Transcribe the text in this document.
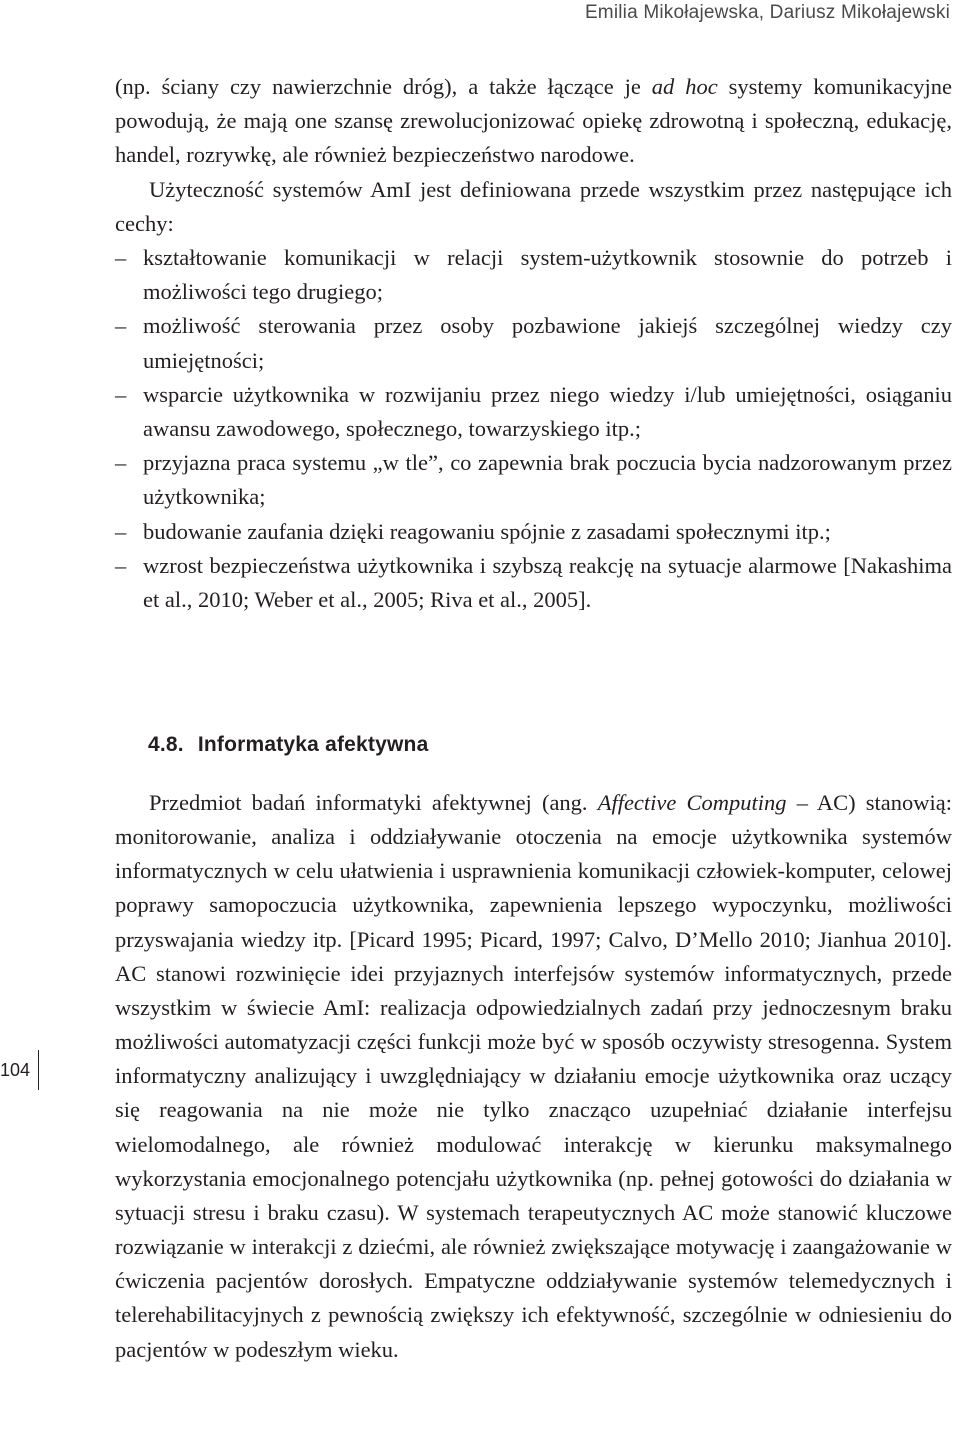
Emilia Mikołajewska, Dariusz Mikołajewski

(np. ściany czy nawierzchnie dróg), a także łączące je ad hoc systemy komunikacyjne powodują, że mają one szansę zrewolucjonizować opiekę zdrowotną i społeczną, edukację, handel, rozrywkę, ale również bezpieczeństwo narodowe.

Użyteczność systemów AmI jest definiowana przede wszystkim przez następujące ich cechy:

– kształtowanie komunikacji w relacji system-użytkownik stosownie do potrzeb i możliwości tego drugiego;
– możliwość sterowania przez osoby pozbawione jakiejś szczególnej wiedzy czy umiejętności;
– wsparcie użytkownika w rozwijaniu przez niego wiedzy i/lub umiejętności, osiąganiu awansu zawodowego, społecznego, towarzyskiego itp.;
– przyjazna praca systemu „w tle”, co zapewnia brak poczucia bycia nadzorowanym przez użytkownika;
– budowanie zaufania dzięki reagowaniu spójnie z zasadami społecznymi itp.;
– wzrost bezpieczeństwa użytkownika i szybszą reakcję na sytuacje alarmowe [Nakashima et al., 2010; Weber et al., 2005; Riva et al., 2005].
4.8. Informatyka afektywna

Przedmiot badań informatyki afektywnej (ang. Affective Computing – AC) stanowią: monitorowanie, analiza i oddziaływanie otoczenia na emocje użytkownika systemów informatycznych w celu ułatwienia i usprawnienia komunikacji człowiek-komputer, celowej poprawy samopoczucia użytkownika, zapewnienia lepszego wypoczynku, możliwości przyswajania wiedzy itp. [Picard 1995; Picard, 1997; Calvo, D’Mello 2010; Jianhua 2010]. AC stanowi rozwinięcie idei przyjaznych interfejsów systemów informatycznych, przede wszystkim w świecie AmI: realizacja odpowiedzialnych zadań przy jednoczesnym braku możliwości automatyzacji części funkcji może być w sposób oczywisty stresogenna. System informatyczny analizujący i uwzględniający w działaniu emocje użytkownika oraz uczący się reagowania na nie może nie tylko znacząco uzupełniać działanie interfejsu wielomodalnego, ale również modulować interakcję w kierunku maksymalnego wykorzystania emocjonalnego potencjału użytkownika (np. pełnej gotowości do działania w sytuacji stresu i braku czasu). W systemach terapeutycznych AC może stanowić kluczowe rozwiązanie w interakcji z dziećmi, ale również zwiększające motywację i zaangażowanie w ćwiczenia pacjentów dorosłych. Empatyczne oddziaływanie systemów telemedycznych i telerehabilitacyjnych z pewnością zwiększy ich efektywność, szczególnie w odniesieniu do pacjentów w podeszłym wieku.

104
